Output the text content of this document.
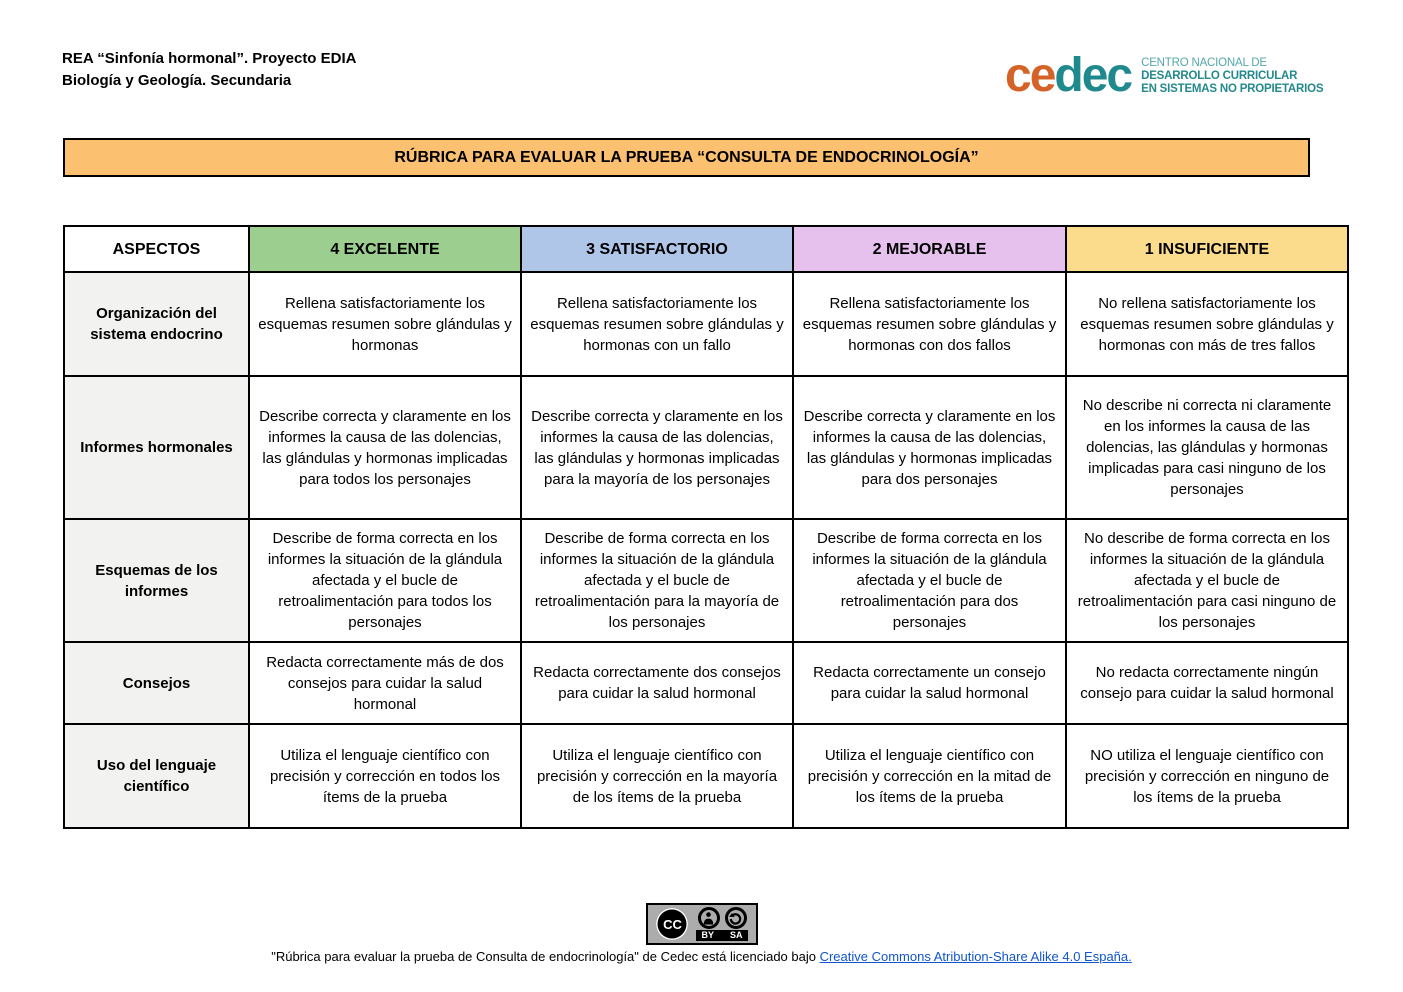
REA “Sinfonía hormonal”. Proyecto EDIA
Biología y Geología. Secundaria	cedec CENTRO NACIONAL DE
DESARROLLO CURRICULAR
EN SISTEMAS NO PROPIETARIOS
RÚBRICA PARA EVALUAR LA PRUEBA “CONSULTA DE ENDOCRINOLOGÍA”
ASPECTOS	4 EXCELENTE	3 SATISFACTORIO	2 MEJORABLE	1 INSUFICIENTE
Organización del sistema endocrino	Rellena satisfactoriamente los esquemas resumen sobre glándulas y hormonas	Rellena satisfactoriamente los esquemas resumen sobre glándulas y hormonas con un fallo	Rellena satisfactoriamente los esquemas resumen sobre glándulas y hormonas con dos fallos	No rellena satisfactoriamente los esquemas resumen sobre glándulas y hormonas con más de tres fallos
Informes hormonales	Describe correcta y claramente en los informes la causa de las dolencias, las glándulas y hormonas implicadas para todos los personajes	Describe correcta y claramente en los informes la causa de las dolencias, las glándulas y hormonas implicadas para la mayoría de los personajes	Describe correcta y claramente en los informes la causa de las dolencias, las glándulas y hormonas implicadas para dos personajes	No describe ni correcta ni claramente en los informes la causa de las dolencias, las glándulas y hormonas implicadas para casi ninguno de los personajes
Esquemas de los informes	Describe de forma correcta en los informes la situación de la glándula afectada y el bucle de retroalimentación para todos los personajes	Describe de forma correcta en los informes la situación de la glándula afectada y el bucle de retroalimentación para la mayoría de los personajes	Describe de forma correcta en los informes la situación de la glándula afectada y el bucle de retroalimentación para dos personajes	No describe de forma correcta en los informes la situación de la glándula afectada y el bucle de retroalimentación para casi ninguno de los personajes
Consejos	Redacta correctamente más de dos consejos para cuidar la salud hormonal	Redacta correctamente dos consejos para cuidar la salud hormonal	Redacta correctamente un consejo para cuidar la salud hormonal	No redacta correctamente ningún consejo para cuidar la salud hormonal
Uso del lenguaje científico	Utiliza el lenguaje científico con precisión y corrección en todos los ítems de la prueba	Utiliza el lenguaje científico con precisión y corrección en la mayoría de los ítems de la prueba	Utiliza el lenguaje científico con precisión y corrección en la mitad de los ítems de la prueba	NO utiliza el lenguaje científico con precisión y corrección en ninguno de los ítems de la prueba
CC
BY SA
"Rúbrica para evaluar la prueba de Consulta de endocrinología" de Cedec está licenciado bajo Creative Commons Atribution-Share Alike 4.0 España.
